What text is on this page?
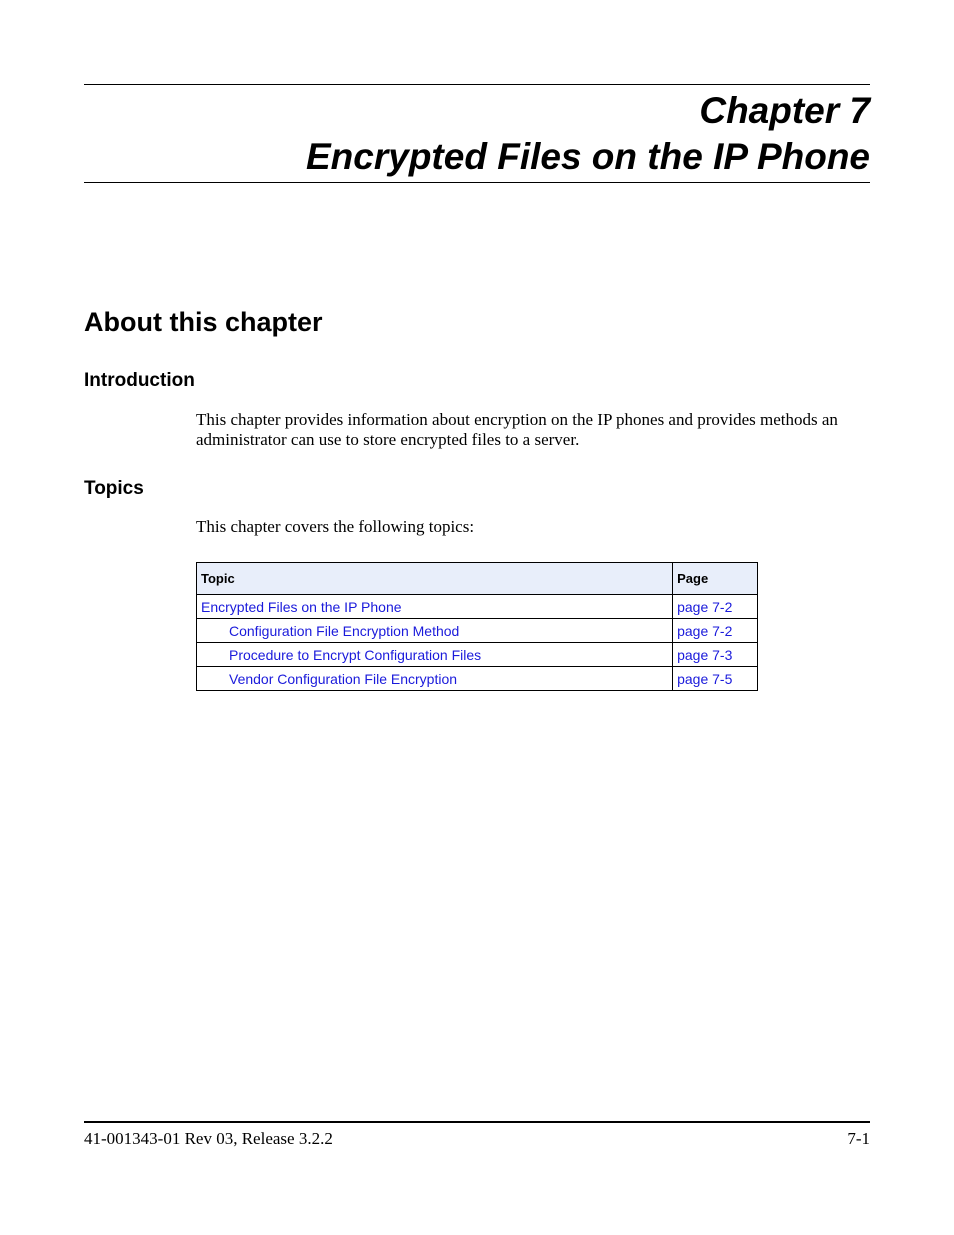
Chapter 7
Encrypted Files on the IP Phone
About this chapter
Introduction

This chapter provides information about encryption on the IP phones and provides methods an administrator can use to store encrypted files to a server.

Topics

This chapter covers the following topics:

Topic	Page
Encrypted Files on the IP Phone	page 7-2
Configuration File Encryption Method	page 7-2
Procedure to Encrypt Configuration Files	page 7-3
Vendor Configuration File Encryption	page 7-5

41-001343-01 Rev 03, Release 3.2.2	7-1
